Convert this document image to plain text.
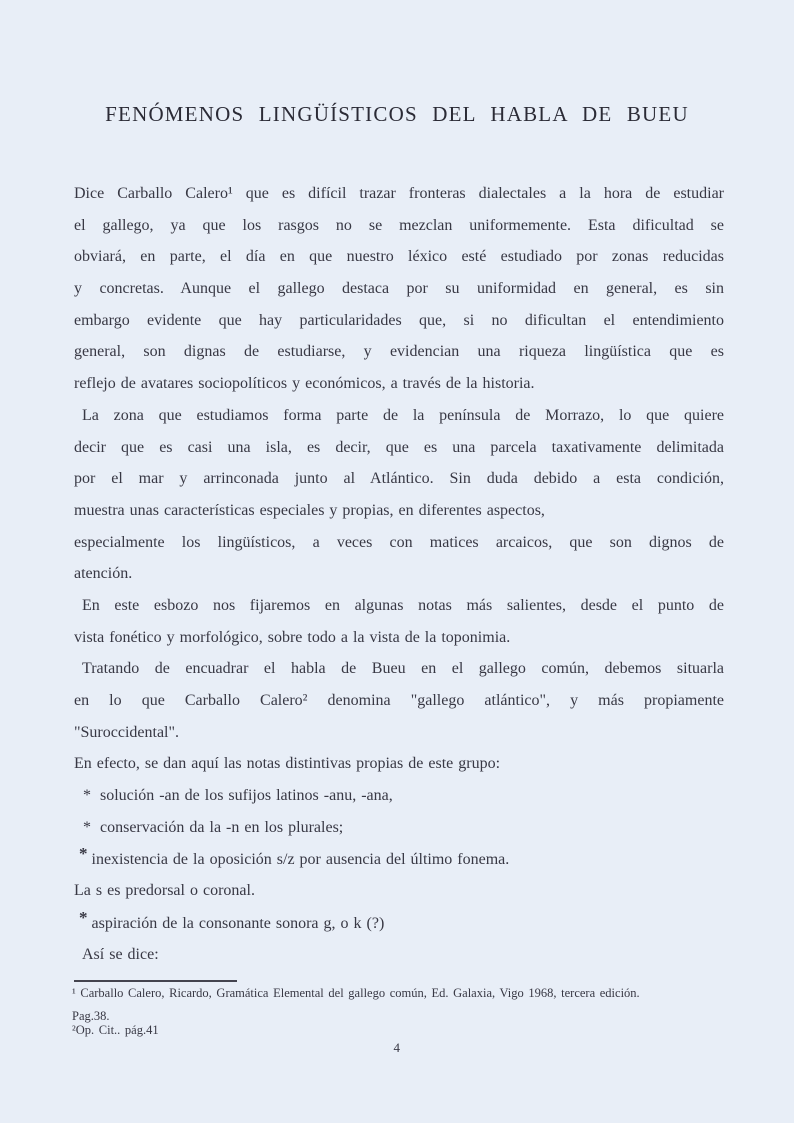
FENÓMENOS LINGÜÍSTICOS DEL HABLA DE BUEU

Dice Carballo Calero¹ que es difícil trazar fronteras dialectales a la hora de estudiar

el gallego, ya que los rasgos no se mezclan uniformemente. Esta dificultad se

obviará, en parte, el día en que nuestro léxico esté estudiado por zonas reducidas

y concretas. Aunque el gallego destaca por su uniformidad en general, es sin

embargo evidente que hay particularidades que, si no dificultan el entendimiento

general, son dignas de estudiarse, y evidencian una riqueza lingüística que es

reflejo de avatares sociopolíticos y económicos, a través de la historia.

La zona que estudiamos forma parte de la península de Morrazo, lo que quiere

decir que es casi una isla, es decir, que es una parcela taxativamente delimitada

por el mar y arrinconada junto al Atlántico. Sin duda debido a esta condición,

muestra unas características especiales y propias, en diferentes aspectos,

especialmente los lingüísticos, a veces con matices arcaicos, que son dignos de

atención.

En este esbozo nos fijaremos en algunas notas más salientes, desde el punto de

vista fonético y morfológico, sobre todo a la vista de la toponimia.

Tratando de encuadrar el habla de Bueu en el gallego común, debemos situarla

en lo que Carballo Calero² denomina "gallego atlántico", y más propiamente

"Suroccidental".

En efecto, se dan aquí las notas distintivas propias de este grupo:

* solución -an de los sufijos latinos -anu, -ana,

* conservación da la -n en los plurales;

* inexistencia de la oposición s/z por ausencia del último fonema.

La s es predorsal o coronal.

* aspiración de la consonante sonora g, o k (?)

Así se dice:

¹ Carballo Calero, Ricardo, Gramática Elemental del gallego común, Ed. Galaxia, Vigo 1968, tercera edición.

Pag.38.

²Op. Cit.. pág.41

4
